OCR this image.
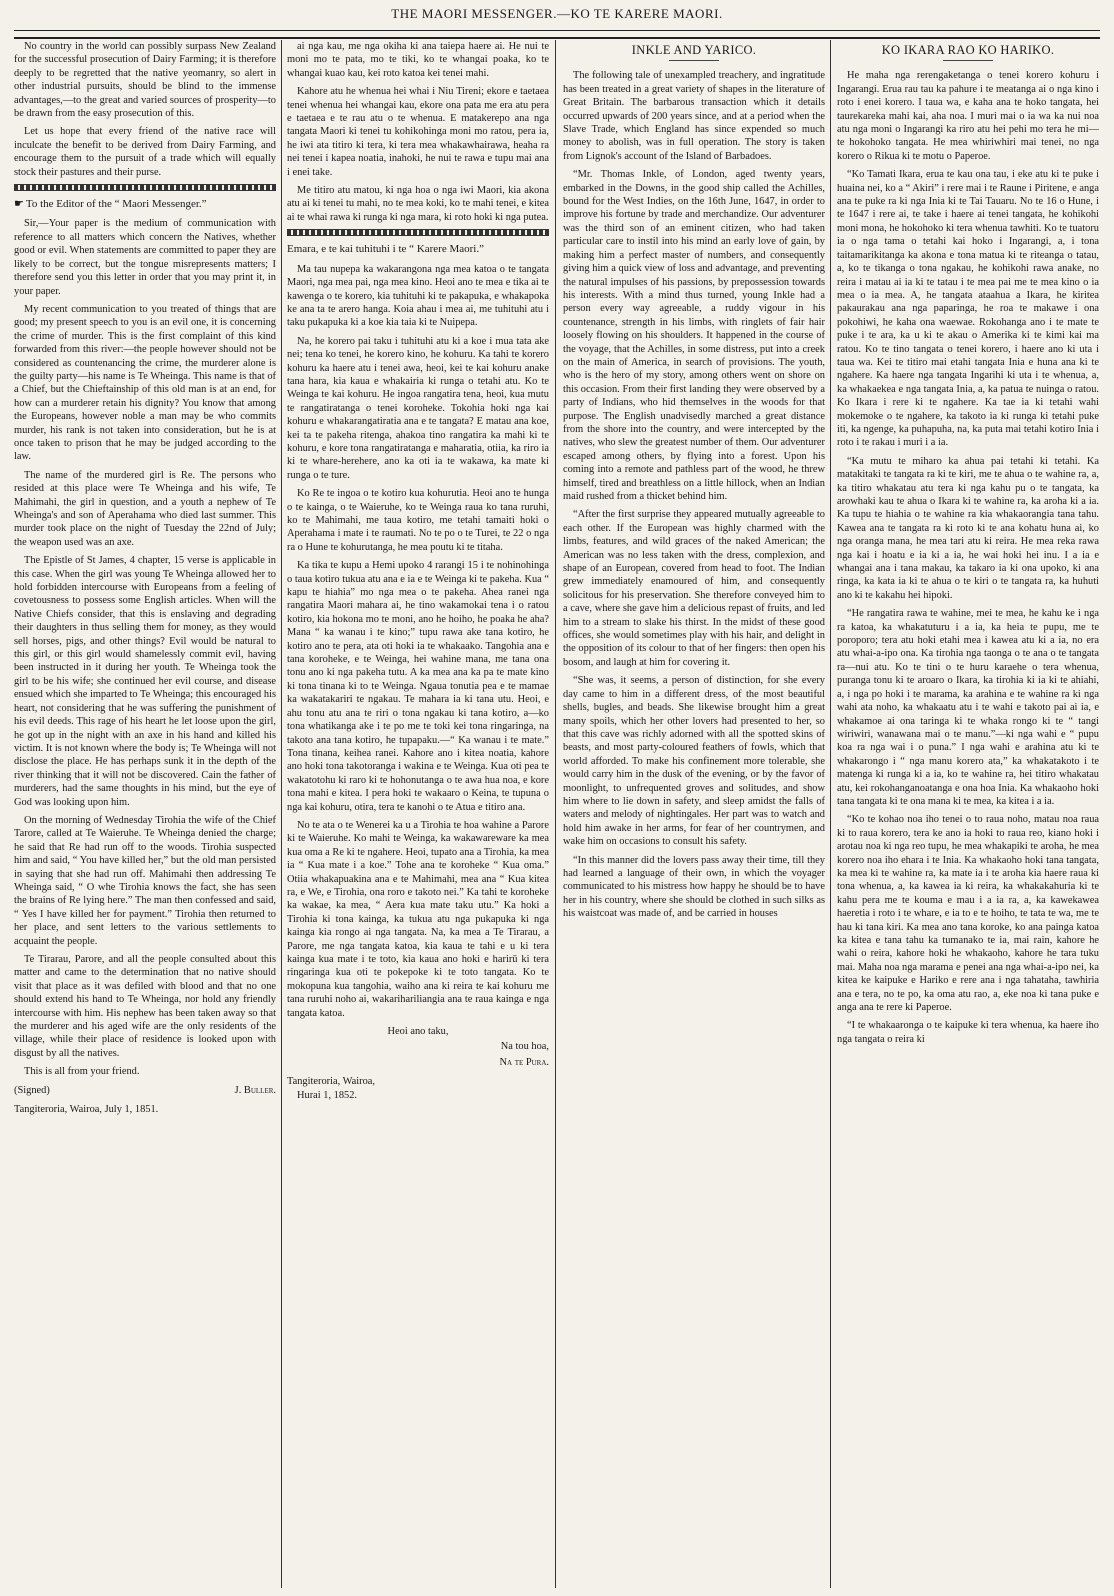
THE MAORI MESSENGER.—KO TE KARERE MAORI.

No country in the world can possibly surpass New Zealand for the successful prosecution of Dairy Farming; it is therefore deeply to be regretted that the native yeomanry, so alert in other industrial pursuits, should be blind to the immense advantages,—to the great and varied sources of prosperity—to be drawn from the easy prosecution of this.

Let us hope that every friend of the native race will inculcate the benefit to be derived from Dairy Farming, and encourage them to the pursuit of a trade which will equally stock their pastures and their purse.

☛ To the Editor of the “ Maori Messenger.”

Sir,—Your paper is the medium of communication with reference to all matters which concern the Natives, whether good or evil. When statements are committed to paper they are likely to be correct, but the tongue misrepresents matters; I therefore send you this letter in order that you may print it, in your paper.

My recent communication to you treated of things that are good; my present speech to you is an evil one, it is concerning the crime of murder. This is the first complaint of this kind forwarded from this river:—the people however should not be considered as countenancing the crime, the murderer alone is the guilty party—his name is Te Wheinga. This name is that of a Chief, but the Chieftainship of this old man is at an end, for how can a murderer retain his dignity? You know that among the Europeans, however noble a man may be who commits murder, his rank is not taken into consideration, but he is at once taken to prison that he may be judged according to the law.

The name of the murdered girl is Re. The persons who resided at this place were Te Wheinga and his wife, Te Mahimahi, the girl in question, and a youth a nephew of Te Wheinga's and son of Aperahama who died last summer. This murder took place on the night of Tuesday the 22nd of July; the weapon used was an axe.

The Epistle of St James, 4 chapter, 15 verse is applicable in this case. When the girl was young Te Wheinga allowed her to hold forbidden intercourse with Europeans from a feeling of covetousness to possess some English articles. When will the Native Chiefs consider, that this is enslaving and degrading their daughters in thus selling them for money, as they would sell horses, pigs, and other things? Evil would be natural to this girl, or this girl would shamelessly commit evil, having been instructed in it during her youth. Te Wheinga took the girl to be his wife; she continued her evil course, and disease ensued which she imparted to Te Wheinga; this encouraged his heart, not considering that he was suffering the punishment of his evil deeds. This rage of his heart he let loose upon the girl, he got up in the night with an axe in his hand and killed his victim. It is not known where the body is; Te Wheinga will not disclose the place. He has perhaps sunk it in the depth of the river thinking that it will not be discovered. Cain the father of murderers, had the same thoughts in his mind, but the eye of God was looking upon him.

On the morning of Wednesday Tirohia the wife of the Chief Tarore, called at Te Waieruhe. Te Wheinga denied the charge; he said that Re had run off to the woods. Tirohia suspected him and said, “ You have killed her,” but the old man persisted in saying that she had run off. Mahimahi then addressing Te Wheinga said, “ O whe Tirohia knows the fact, she has seen the brains of Re lying here.” The man then confessed and said, “ Yes I have killed her for payment.” Tirohia then returned to her place, and sent letters to the various settlements to acquaint the people.

Te Tirarau, Parore, and all the people consulted about this matter and came to the determination that no native should visit that place as it was defiled with blood and that no one should extend his hand to Te Wheinga, nor hold any friendly intercourse with him. His nephew has been taken away so that the murderer and his aged wife are the only residents of the village, while their place of residence is looked upon with disgust by all the natives.

This is all from your friend.

(Signed)	J. Buller.
Tangiteroria, Wairoa, July 1, 1851.

ai nga kau, me nga okiha ki ana taiepa haere ai. He nui te moni mo te pata, mo te tiki, ko te whangai poaka, ko te whangai kuao kau, kei roto katoa kei tenei mahi.

Kahore atu he whenua hei whai i Niu Tireni; ekore e taetaea tenei whenua hei whangai kau, ekore ona pata me era atu pera e taetaea e te rau atu o te whenua. E matakerepo ana nga tangata Maori ki tenei tu kohikohinga moni mo ratou, pera ia, he iwi ata titiro ki tera, ki tera mea whakawhairawa, heaha ra nei tenei i kapea noatia, inahoki, he nui te rawa e tupu mai ana i enei take.

Me titiro atu matou, ki nga hoa o nga iwi Maori, kia akona atu ai ki tenei tu mahi, no te mea koki, ko te mahi tenei, e kitea ai te whai rawa ki runga ki nga mara, ki roto hoki ki nga putea.

Emara, e te kai tuhituhi i te “ Karere Maori.”

Ma tau nupepa ka wakarangona nga mea katoa o te tangata Maori, nga mea pai, nga mea kino. Heoi ano te mea e tika ai te kawenga o te korero, kia tuhituhi ki te pakapuka, e whakapoka ke ana ta te arero hanga. Koia ahau i mea ai, me tuhituhi atu i taku pukapuka ki a koe kia taia ki te Nuipepa.

Na, he korero pai taku i tuhituhi atu ki a koe i mua tata ake nei; tena ko tenei, he korero kino, he kohuru. Ka tahi te korero kohuru ka haere atu i tenei awa, heoi, kei te kai kohuru anake tana hara, kia kaua e whakairia ki runga o tetahi atu. Ko te Weinga te kai kohuru. He ingoa rangatira tena, heoi, kua mutu te rangatiratanga o tenei koroheke. Tokohia hoki nga kai kohuru e whakarangatiratia ana e te tangata? E matau ana koe, kei ta te pakeha ritenga, ahakoa tino rangatira ka mahi ki te kohuru, e kore tona rangatiratanga e maharatia, otiia, ka riro ia ki te whare-herehere, ano ka oti ia te wakawa, ka mate ki runga o te ture.

Ko Re te ingoa o te kotiro kua kohurutia. Heoi ano te hunga o te kainga, o te Waieruhe, ko te Weinga raua ko tana ruruhi, ko te Mahimahi, me taua kotiro, me tetahi tamaiti hoki o Aperahama i mate i te raumati. No te po o te Turei, te 22 o nga ra o Hune te kohurutanga, he mea poutu ki te titaha.

Ka tika te kupu a Hemi upoko 4 rarangi 15 i te nohinohinga o taua kotiro tukua atu ana e ia e te Weinga ki te pakeha. Kua “ kapu te hiahia” mo nga mea o te pakeha. Ahea ranei nga rangatira Maori mahara ai, he tino wakamokai tena i o ratou kotiro, kia hokona mo te moni, ano he hoiho, he poaka he aha? Mana “ ka wanau i te kino;” tupu rawa ake tana kotiro, he kotiro ano te pera, ata oti hoki ia te whakaako. Tangohia ana e tana koroheke, e te Weinga, hei wahine mana, me tana ona tonu ano ki nga pakeha tutu. A ka mea ana ka pa te mate kino ki tona tinana ki to te Weinga. Ngaua tonutia pea e te mamae ka wakatakariri te ngakau. Te mahara ia ki tana utu. Heoi, e ahu tonu atu ana te riri o tona ngakau ki tana kotiro, a—ko tona whatikanga ake i te po me te toki kei tona ringaringa, na takoto ana tana kotiro, he tupapaku.—“ Ka wanau i te mate.” Tona tinana, keihea ranei. Kahore ano i kitea noatia, kahore ano hoki tona takotoranga i wakina e te Weinga. Kua oti pea te wakatotohu ki raro ki te hohonutanga o te awa hua noa, e kore tona mahi e kitea. I pera hoki te wakaaro o Keina, te tupuna o nga kai kohuru, otira, tera te kanohi o te Atua e titiro ana.

No te ata o te Wenerei ka u a Tirohia te hoa wahine a Parore ki te Waieruhe. Ko mahi te Weinga, ka wakawareware ka mea kua oma a Re ki te ngahere. Heoi, tupato ana a Tirohia, ka mea ia “ Kua mate i a koe.” Tohe ana te koroheke “ Kua oma.” Otiia whakapuakina ana e te Mahimahi, mea ana “ Kua kitea ra, e We, e Tirohia, ona roro e takoto nei.” Ka tahi te koroheke ka wakae, ka mea, “ Aera kua mate taku utu.” Ka hoki a Tirohia ki tona kainga, ka tukua atu nga pukapuka ki nga kainga kia rongo ai nga tangata. Na, ka mea a Te Tirarau, a Parore, me nga tangata katoa, kia kaua te tahi e u ki tera kainga kua mate i te toto, kia kaua ano hoki e harirū ki tera ringaringa kua oti te pokepoke ki te toto tangata. Ko te mokopuna kua tangohia, waiho ana ki reira te kai kohuru me tana ruruhi noho ai, wakarihariliangia ana te raua kainga e nga tangata katoa.

Heoi ano taku,
Na tou hoa,
Na te Pura.
Tangiteroria, Wairoa,
Hurai 1, 1852.
INKLE AND YARICO.

The following tale of unexampled treachery, and ingratitude has been treated in a great variety of shapes in the literature of Great Britain. The barbarous transaction which it details occurred upwards of 200 years since, and at a period when the Slave Trade, which England has since expended so much money to abolish, was in full operation. The story is taken from Lignok's account of the Island of Barbadoes.

“Mr. Thomas Inkle, of London, aged twenty years, embarked in the Downs, in the good ship called the Achilles, bound for the West Indies, on the 16th June, 1647, in order to improve his fortune by trade and merchandize. Our adventurer was the third son of an eminent citizen, who had taken particular care to instil into his mind an early love of gain, by making him a perfect master of numbers, and consequently giving him a quick view of loss and advantage, and preventing the natural impulses of his passions, by prepossession towards his interests. With a mind thus turned, young Inkle had a person every way agreeable, a ruddy vigour in his countenance, strength in his limbs, with ringlets of fair hair loosely flowing on his shoulders. It happened in the course of the voyage, that the Achilles, in some distress, put into a creek on the main of America, in search of provisions. The youth, who is the hero of my story, among others went on shore on this occasion. From their first landing they were observed by a party of Indians, who hid themselves in the woods for that purpose. The English unadvisedly marched a great distance from the shore into the country, and were intercepted by the natives, who slew the greatest number of them. Our adventurer escaped among others, by flying into a forest. Upon his coming into a remote and pathless part of the wood, he threw himself, tired and breathless on a little hillock, when an Indian maid rushed from a thicket behind him.

“After the first surprise they appeared mutually agreeable to each other. If the European was highly charmed with the limbs, features, and wild graces of the naked American; the American was no less taken with the dress, complexion, and shape of an European, covered from head to foot. The Indian grew immediately enamoured of him, and consequently solicitous for his preservation. She therefore conveyed him to a cave, where she gave him a delicious repast of fruits, and led him to a stream to slake his thirst. In the midst of these good offices, she would sometimes play with his hair, and delight in the opposition of its colour to that of her fingers: then open his bosom, and laugh at him for covering it.

“She was, it seems, a person of distinction, for she every day came to him in a different dress, of the most beautiful shells, bugles, and beads. She likewise brought him a great many spoils, which her other lovers had presented to her, so that this cave was richly adorned with all the spotted skins of beasts, and most party-coloured feathers of fowls, which that world afforded. To make his confinement more tolerable, she would carry him in the dusk of the evening, or by the favor of moonlight, to unfrequented groves and solitudes, and show him where to lie down in safety, and sleep amidst the falls of waters and melody of nightingales. Her part was to watch and hold him awake in her arms, for fear of her countrymen, and wake him on occasions to consult his safety.

“In this manner did the lovers pass away their time, till they had learned a language of their own, in which the voyager communicated to his mistress how happy he should be to have her in his country, where she should be clothed in such silks as his waistcoat was made of, and be carried in houses

KO IKARA RAO KO HARIKO.

He maha nga rerengaketanga o tenei korero kohuru i Ingarangi. Erua rau tau ka pahure i te meatanga ai o nga kino i roto i enei korero. I taua wa, e kaha ana te hoko tangata, hei taurekareka mahi kai, aha noa. I muri mai o ia wa ka nui noa atu nga moni o Ingarangi ka riro atu hei pehi mo tera he mi—te hokohoko tangata. He mea whiriwhiri mai tenei, no nga korero o Rikua ki te motu o Paperoe.

“Ko Tamati Ikara, erua te kau ona tau, i eke atu ki te puke i huaina nei, ko a “ Akiri” i rere mai i te Raune i Piritene, e anga ana te puke ra ki nga Inia ki te Tai Tauaru. No te 16 o Hune, i te 1647 i rere ai, te take i haere ai tenei tangata, he kohikohi moni mona, he hokohoko ki tera whenua tawhiti. Ko te tuatoru ia o nga tama o tetahi kai hoko i Ingarangi, a, i tona taitamarikitanga ka akona e tona matua ki te riteanga o tatau, a, ko te tikanga o tona ngakau, he kohikohi rawa anake, no reira i matau ai ia ki te tatau i te mea pai me te mea kino o ia mea o ia mea. A, he tangata ataahua a Ikara, he kiritea pakaurakau ana nga paparinga, he roa te makawe i ona pokohiwi, he kaha ona waewae. Rokohanga ano i te mate te puke i te ara, ka u ki te akau o Amerika ki te kimi kai ma ratou. Ko te tino tangata o tenei korero, i haere ano ki uta i taua wa. Kei te titiro mai etahi tangata Inia e huna ana ki te ngahere. Ka haere nga tangata Ingarihi ki uta i te whenua, a, ka whakaekea e nga tangata Inia, a, ka patua te nuinga o ratou. Ko Ikara i rere ki te ngahere. Ka tae ia ki tetahi wahi mokemoke o te ngahere, ka takoto ia ki runga ki tetahi puke iti, ka ngenge, ka puhapuha, na, ka puta mai tetahi kotiro Inia i roto i te rakau i muri i a ia.

“Ka mutu te miharo ka ahua pai tetahi ki tetahi. Ka matakitaki te tangata ra ki te kiri, me te ahua o te wahine ra, a, ka titiro whakatau atu tera ki nga kahu pu o te tangata, ka arowhaki kau te ahua o Ikara ki te wahine ra, ka aroha ki a ia. Ka tupu te hiahia o te wahine ra kia whakaorangia tana tahu. Kawea ana te tangata ra ki roto ki te ana kohatu huna ai, ko nga oranga mana, he mea tari atu ki reira. He mea reka rawa nga kai i hoatu e ia ki a ia, he wai hoki hei inu. I a ia e whangai ana i tana makau, ka takaro ia ki ona upoko, ki ana ringa, ka kata ia ki te ahua o te kiri o te tangata ra, ka huhuti ano ki te kakahu hei hipoki.

“He rangatira rawa te wahine, mei te mea, he kahu ke i nga ra katoa, ka whakatuturu i a ia, ka heia te pupu, me te poroporo; tera atu hoki etahi mea i kawea atu ki a ia, no era atu whai-a-ipo ona. Ka tirohia nga taonga o te ana o te tangata ra—nui atu. Ko te tini o te huru karaehe o tera whenua, puranga tonu ki te aroaro o Ikara, ka tirohia ki ia ki te ahiahi, a, i nga po hoki i te marama, ka arahina e te wahine ra ki nga wahi ata noho, ka whakaatu atu i te wahi e takoto pai ai ia, e whakamoe ai ona taringa ki te whaka rongo ki te “ tangi wiriwiri, wanawana mai o te manu.”—ki nga wahi e “ pupu koa ra nga wai i o puna.” I nga wahi e arahina atu ki te whakarongo i “ nga manu korero ata,” ka whakatakoto i te matenga ki runga ki a ia, ko te wahine ra, hei titiro whakatau atu, kei rokohanganoatanga e ona hoa Inia. Ka whakaoho hoki tana tangata ki te ona mana ki te mea, ka kitea i a ia.

“Ko te kohao noa iho tenei o to raua noho, matau noa raua ki to raua korero, tera ke ano ia hoki to raua reo, kiano hoki i arotau noa ki nga reo tupu, he mea whakapiki te aroha, he mea korero noa iho ehara i te Inia. Ka whakaoho hoki tana tangata, ka mea ki te wahine ra, ka mate ia i te aroha kia haere raua ki tona whenua, a, ka kawea ia ki reira, ka whakakahuria ki te kahu pera me te kouma e mau i a ia ra, a, ka kawekawea haeretia i roto i te whare, e ia to e te hoiho, te tata te wa, me te hau ki tana kiri. Ka mea ano tana koroke, ko ana painga katoa ka kitea e tana tahu ka tumanako te ia, mai rain, kahore he wahi o reira, kahore hoki he whakaoho, kahore he tara tuku mai. Maha noa nga marama e penei ana nga whai-a-ipo nei, ka kitea ke kaipuke e Hariko e rere ana i nga tahataha, tawhiria ana e tera, no te po, ka oma atu rao, a, eke noa ki tana puke e anga ana te rere ki Paperoe.

“I te whakaaronga o te kaipuke ki tera whenua, ka haere iho nga tangata o reira ki
